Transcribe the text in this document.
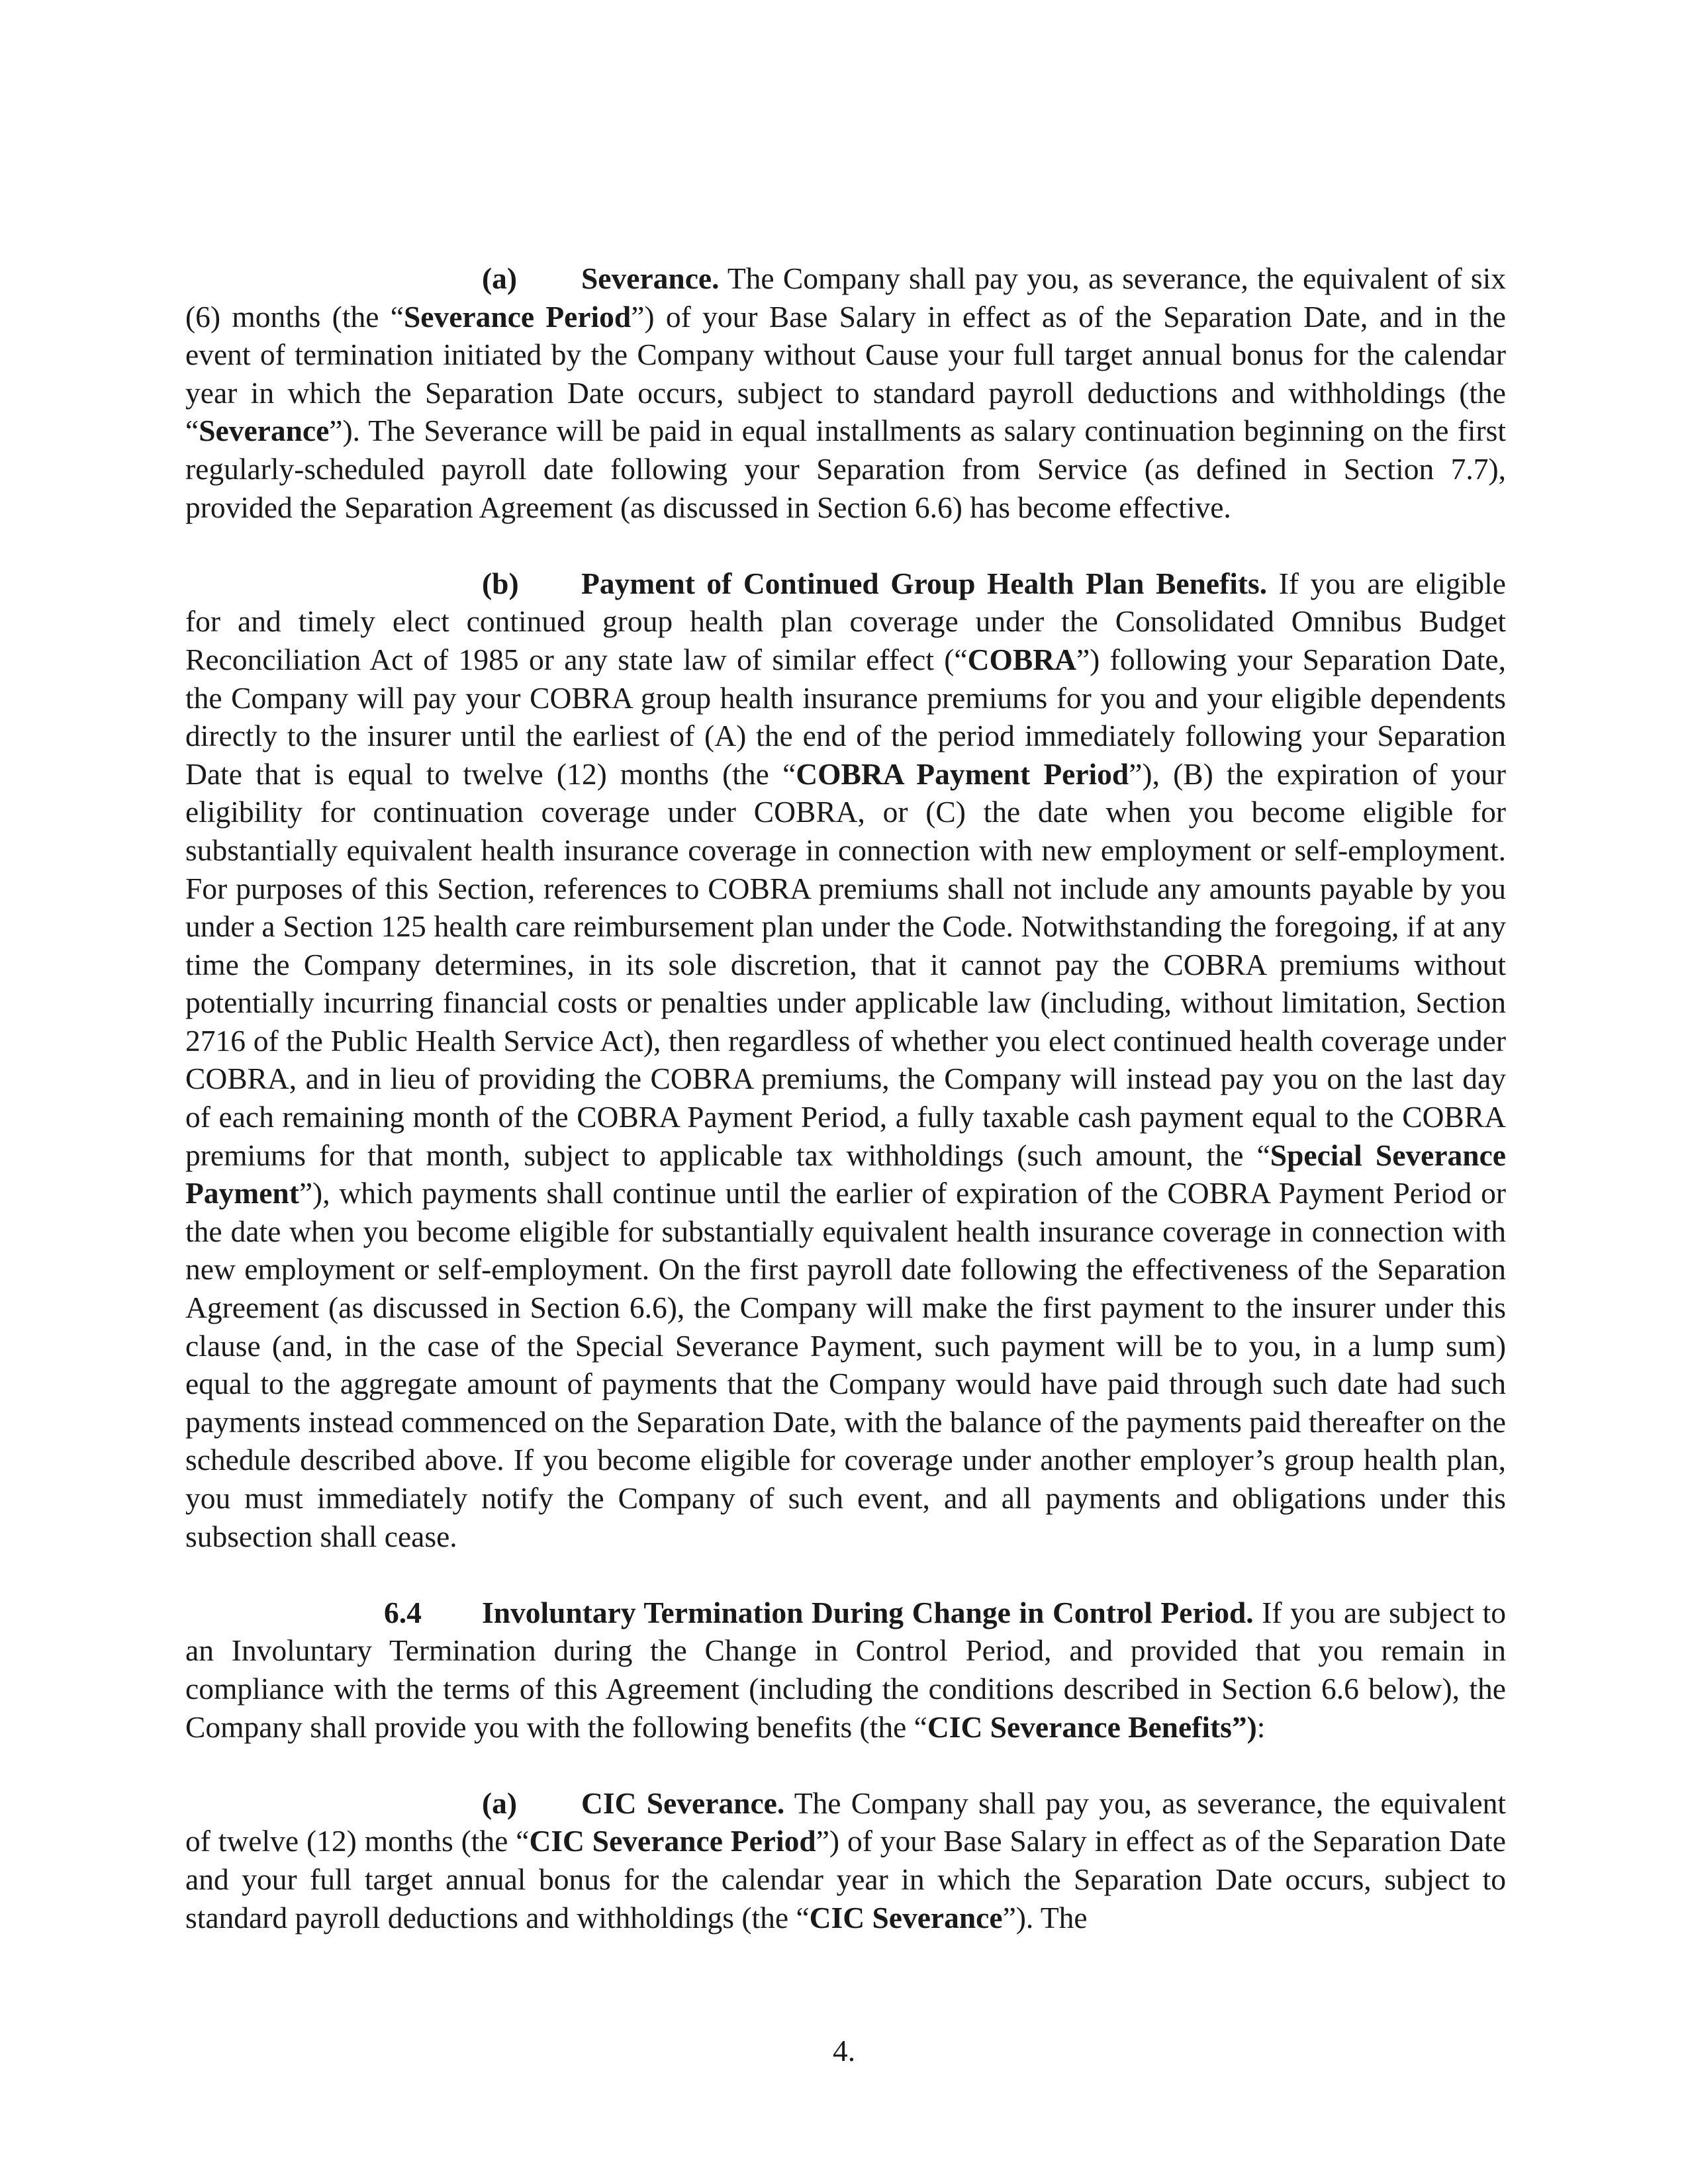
(a) Severance. The Company shall pay you, as severance, the equivalent of six (6) months (the “Severance Period”) of your Base Salary in effect as of the Separation Date, and in the event of termination initiated by the Company without Cause your full target annual bonus for the calendar year in which the Separation Date occurs, subject to standard payroll deductions and withholdings (the “Severance”). The Severance will be paid in equal installments as salary continuation beginning on the first regularly-scheduled payroll date following your Separation from Service (as defined in Section 7.7), provided the Separation Agreement (as discussed in Section 6.6) has become effective.

(b) Payment of Continued Group Health Plan Benefits. If you are eligible for and timely elect continued group health plan coverage under the Consolidated Omnibus Budget Reconciliation Act of 1985 or any state law of similar effect (“COBRA”) following your Separation Date, the Company will pay your COBRA group health insurance premiums for you and your eligible dependents directly to the insurer until the earliest of (A) the end of the period immediately following your Separation Date that is equal to twelve (12) months (the “COBRA Payment Period”), (B) the expiration of your eligibility for continuation coverage under COBRA, or (C) the date when you become eligible for substantially equivalent health insurance coverage in connection with new employment or self-employment. For purposes of this Section, references to COBRA premiums shall not include any amounts payable by you under a Section 125 health care reimbursement plan under the Code. Notwithstanding the foregoing, if at any time the Company determines, in its sole discretion, that it cannot pay the COBRA premiums without potentially incurring financial costs or penalties under applicable law (including, without limitation, Section 2716 of the Public Health Service Act), then regardless of whether you elect continued health coverage under COBRA, and in lieu of providing the COBRA premiums, the Company will instead pay you on the last day of each remaining month of the COBRA Payment Period, a fully taxable cash payment equal to the COBRA premiums for that month, subject to applicable tax withholdings (such amount, the “Special Severance Payment”), which payments shall continue until the earlier of expiration of the COBRA Payment Period or the date when you become eligible for substantially equivalent health insurance coverage in connection with new employment or self-employment. On the first payroll date following the effectiveness of the Separation Agreement (as discussed in Section 6.6), the Company will make the first payment to the insurer under this clause (and, in the case of the Special Severance Payment, such payment will be to you, in a lump sum) equal to the aggregate amount of payments that the Company would have paid through such date had such payments instead commenced on the Separation Date, with the balance of the payments paid thereafter on the schedule described above. If you become eligible for coverage under another employer’s group health plan, you must immediately notify the Company of such event, and all payments and obligations under this subsection shall cease.

6.4 Involuntary Termination During Change in Control Period. If you are subject to an Involuntary Termination during the Change in Control Period, and provided that you remain in compliance with the terms of this Agreement (including the conditions described in Section 6.6 below), the Company shall provide you with the following benefits (the “CIC Severance Benefits”):

(a) CIC Severance. The Company shall pay you, as severance, the equivalent of twelve (12) months (the “CIC Severance Period”) of your Base Salary in effect as of the Separation Date and your full target annual bonus for the calendar year in which the Separation Date occurs, subject to standard payroll deductions and withholdings (the “CIC Severance”). The

4.
